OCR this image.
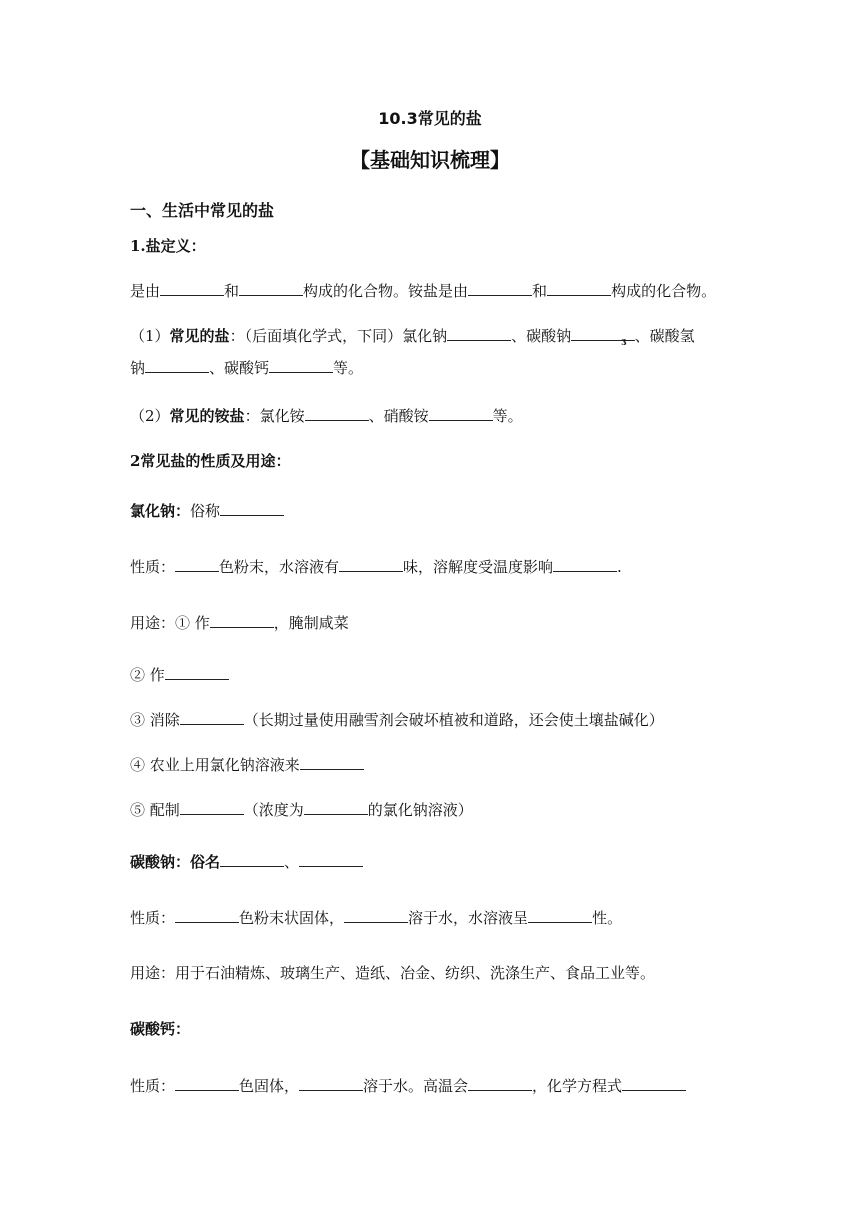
10.3常见的盐
【基础知识梳理】
一、生活中常见的盐
1.盐定义：
是由	和	构成的化合物。铵盐是由	和	构成的化合物。
（1）常见的盐：（后面填化学式，下同）氯化钠	、碳酸钠	$_3$ 、碳酸氢
钠	、碳酸钙	等。
（2）常见的铵盐：氯化铵	、硝酸铵	等。
2常见盐的性质及用途：
氯化钠：俗称
性质：	色粉末，水溶液有	味，溶解度受温度影响	.
用途：① 作	，腌制咸菜
② 作
③ 消除	（长期过量使用融雪剂会破坏植被和道路，还会使土壤盐碱化）
④ 农业上用氯化钠溶液来
⑤ 配制	（浓度为	的氯化钠溶液）
碳酸钠：俗名	、
性质：	色粉末状固体，	溶于水，水溶液呈	性。
用途：用于石油精炼、玻璃生产、造纸、冶金、纺织、洗涤生产、食品工业等。
碳酸钙：
性质：	色固体，	溶于水。高温会	，化学方程式
